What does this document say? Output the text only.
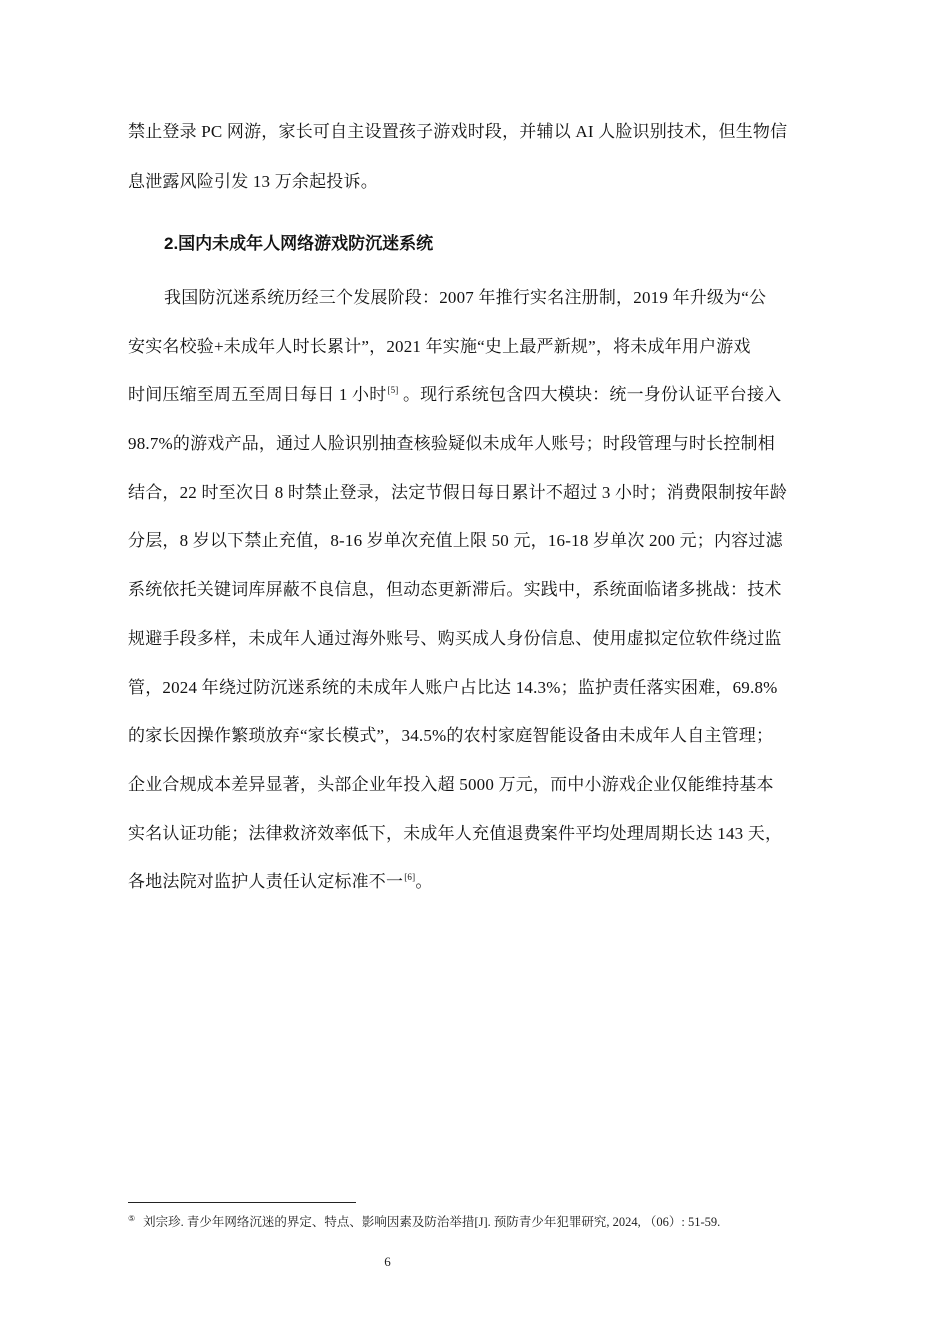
禁止登录 PC 网游，家长可自主设置孩子游戏时段，并辅以 AI 人脸识别技术，但生物信
息泄露风险引发 13 万余起投诉。
2.国内未成年人网络游戏防沉迷系统
我国防沉迷系统历经三个发展阶段：2007 年推行实名注册制，2019 年升级为“公
安实名校验+未成年人时长累计”，2021 年实施“史上最严新规”，将未成年用户游戏
时间压缩至周五至周日每日 1 小时[5] 。现行系统包含四大模块：统一身份认证平台接入
98.7%的游戏产品，通过人脸识别抽查核验疑似未成年人账号；时段管理与时长控制相
结合，22 时至次日 8 时禁止登录，法定节假日每日累计不超过 3 小时；消费限制按年龄
分层，8 岁以下禁止充值，8-16 岁单次充值上限 50 元，16-18 岁单次 200 元；内容过滤
系统依托关键词库屏蔽不良信息，但动态更新滞后。实践中，系统面临诸多挑战：技术
规避手段多样，未成年人通过海外账号、购买成人身份信息、使用虚拟定位软件绕过监
管，2024 年绕过防沉迷系统的未成年人账户占比达 14.3%；监护责任落实困难，69.8%
的家长因操作繁琐放弃“家长模式”，34.5%的农村家庭智能设备由未成年人自主管理；
企业合规成本差异显著，头部企业年投入超 5000 万元，而中小游戏企业仅能维持基本
实名认证功能；法律救济效率低下，未成年人充值退费案件平均处理周期长达 143 天，
各地法院对监护人责任认定标准不一[6]。
⑤ 刘宗珍. 青少年网络沉迷的界定、特点、影响因素及防治举措[J]. 预防青少年犯罪研究, 2024, （06）: 51-59.
6
